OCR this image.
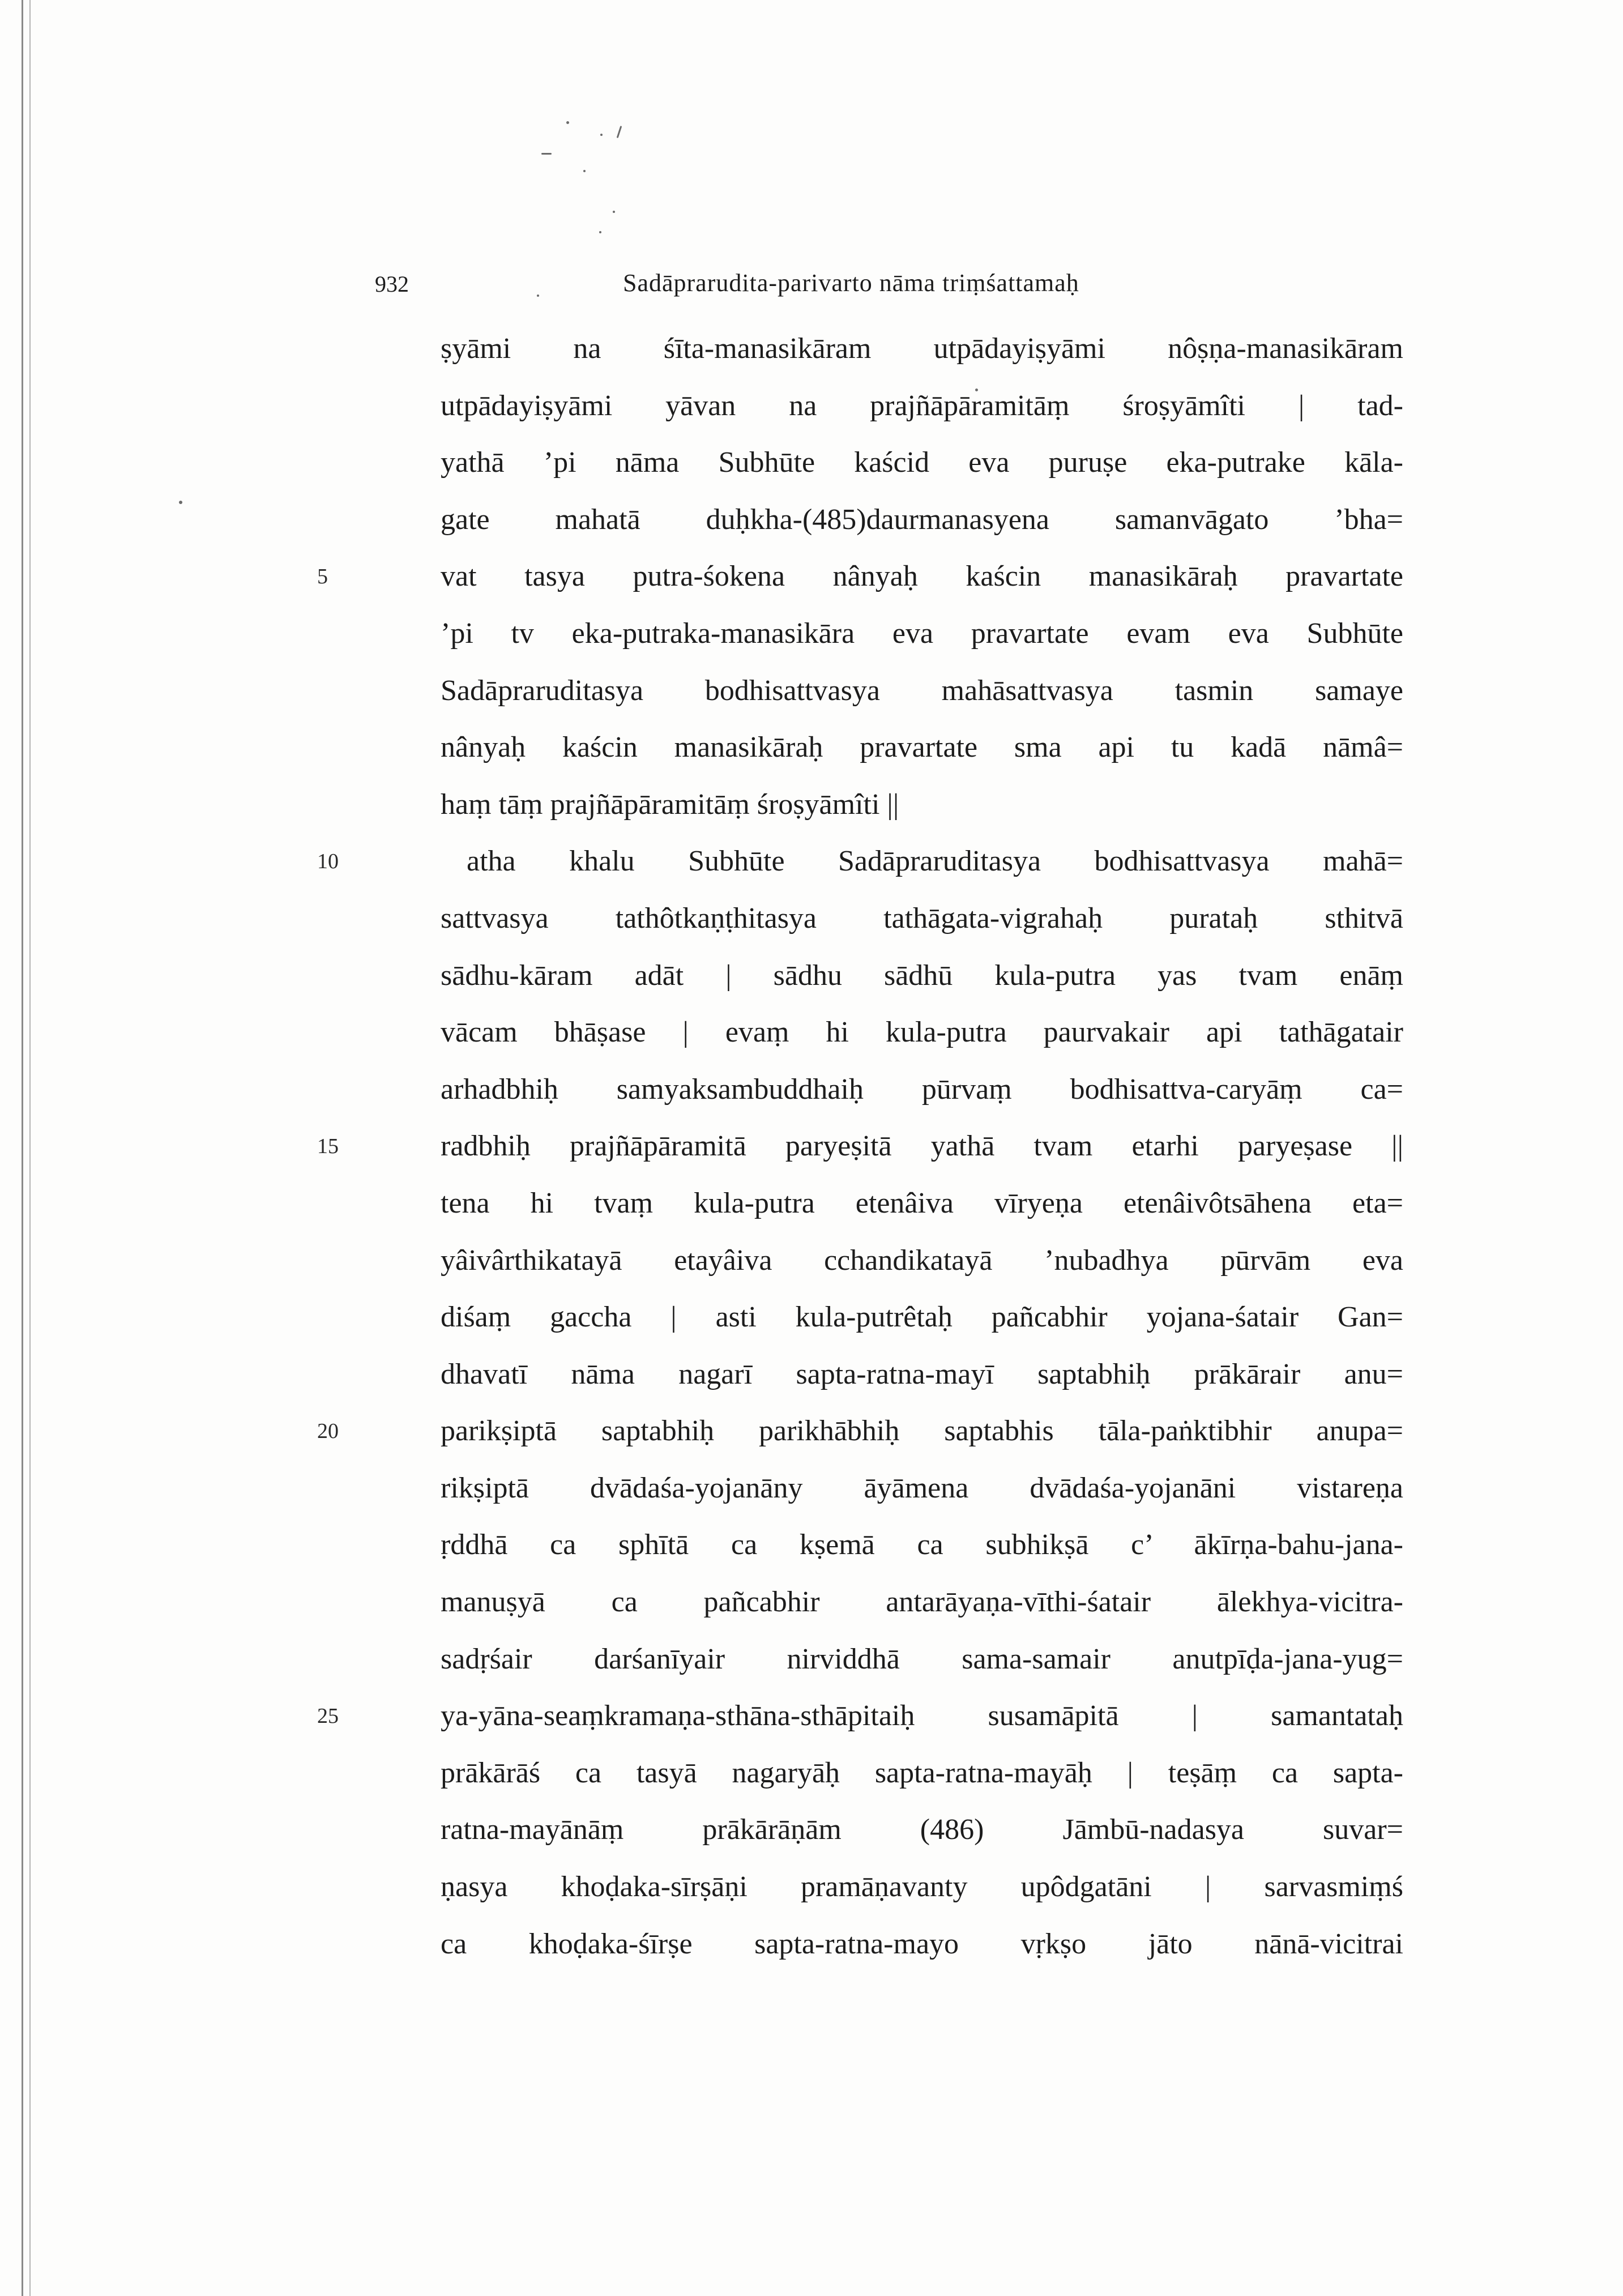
932	Sadāprarudita-parivarto nāma triṃśattamaḥ
ṣyāmi na śīta-manasikāram utpādayiṣyāmi nôṣṇa-manasikāram
utpādayiṣyāmi yāvan na prajñāpāramitāṃ śroṣyāmîti | tad-
yathā ’pi nāma Subhūte kaścid eva puruṣe eka-putrake kāla-
gate mahatā duḥkha-(485)daurmanasyena samanvāgato ’bha=
5	vat tasya putra-śokena nânyaḥ kaścin manasikāraḥ pravartate
’pi tv eka-putraka-manasikāra eva pravartate evam eva Subhūte
Sadāpraruditasya bodhisattvasya mahāsattvasya tasmin samaye
nânyaḥ kaścin manasikāraḥ pravartate sma api tu kadā nāmâ=
haṃ tāṃ prajñāpāramitāṃ śroṣyāmîti ||
10	atha khalu Subhūte Sadāpraruditasya bodhisattvasya mahā=
sattvasya tathôtkaṇṭhitasya tathāgata-vigrahaḥ purataḥ sthitvā
sādhu-kāram adāt | sādhu sādhū kula-putra yas tvam enāṃ
vācam bhāṣase | evaṃ hi kula-putra paurvakair api tathāgatair
arhadbhiḥ samyaksambuddhaiḥ pūrvaṃ bodhisattva-caryāṃ ca=
15	radbhiḥ prajñāpāramitā paryeṣitā yathā tvam etarhi paryeṣase ||
tena hi tvaṃ kula-putra etenâiva vīryeṇa etenâivôtsāhena eta=
yâivârthikatayā etayâiva cchandikatayā ’nubadhya pūrvām eva
diśaṃ gaccha | asti kula-putrêtaḥ pañcabhir yojana-śatair Gan=
dhavatī nāma nagarī sapta-ratna-mayī saptabhiḥ prākārair anu=
20	parikṣiptā saptabhiḥ parikhābhiḥ saptabhis tāla-paṅktibhir anupa=
rikṣiptā dvādaśa-yojanāny āyāmena dvādaśa-yojanāni vistareṇa
ṛddhā ca sphītā ca kṣemā ca subhikṣā c’ ākīrṇa-bahu-jana-
manuṣyā ca pañcabhir antarāyaṇa-vīthi-śatair ālekhya-vicitra-
sadṛśair darśanīyair nirviddhā sama-samair anutpīḍa-jana-yug=
25	ya-yāna-seaṃkramaṇa-sthāna-sthāpitaiḥ susamāpitā | samantataḥ
prākārāś ca tasyā nagaryāḥ sapta-ratna-mayāḥ | teṣāṃ ca sapta-
ratna-mayānāṃ prākārāṇām (486) Jāmbū-nadasya suvar=
ṇasya khoḍaka-sīrṣāṇi pramāṇavanty upôdgatāni | sarvasmiṃś
ca khoḍaka-śīrṣe sapta-ratna-mayo vṛkṣo jāto nānā-vicitrai
